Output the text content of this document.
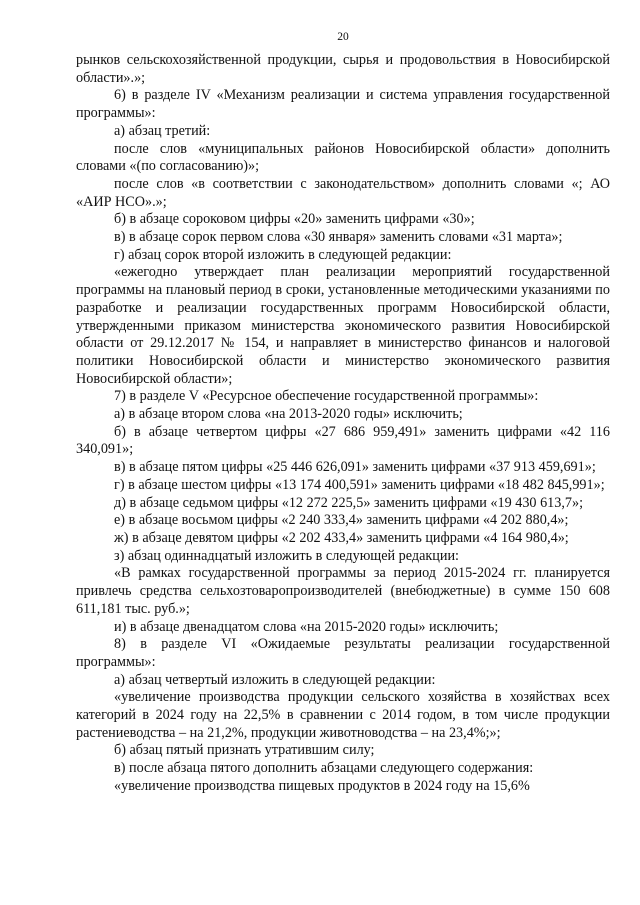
20

рынков сельскохозяйственной продукции, сырья и продовольствия в Новосибирской области».»;

6) в разделе IV «Механизм реализации и система управления государственной программы»:

а) абзац третий:

после слов «муниципальных районов Новосибирской области» дополнить словами «(по согласованию)»;

после слов «в соответствии с законодательством» дополнить словами «; АО «АИР НСО».»;

б) в абзаце сороковом цифры «20» заменить цифрами «30»;

в) в абзаце сорок первом слова «30 января» заменить словами «31 марта»;

г) абзац сорок второй изложить в следующей редакции:

«ежегодно утверждает план реализации мероприятий государственной программы на плановый период в сроки, установленные методическими указаниями по разработке и реализации государственных программ Новосибирской области, утвержденными приказом министерства экономического развития Новосибирской области от 29.12.2017 № 154, и направляет в министерство финансов и налоговой политики Новосибирской области и министерство экономического развития Новосибирской области»;

7) в разделе V «Ресурсное обеспечение государственной программы»:

а) в абзаце втором слова «на 2013-2020 годы» исключить;

б) в абзаце четвертом цифры «27 686 959,491» заменить цифрами «42 116 340,091»;

в) в абзаце пятом цифры «25 446 626,091» заменить цифрами «37 913 459,691»;

г) в абзаце шестом цифры «13 174 400,591» заменить цифрами «18 482 845,991»;

д) в абзаце седьмом цифры «12 272 225,5» заменить цифрами «19 430 613,7»;

е) в абзаце восьмом цифры «2 240 333,4» заменить цифрами «4 202 880,4»;

ж) в абзаце девятом цифры «2 202 433,4» заменить цифрами «4 164 980,4»;

з) абзац одиннадцатый изложить в следующей редакции:

«В рамках государственной программы за период 2015-2024 гг. планируется привлечь средства сельхозтоваропроизводителей (внебюджетные) в сумме 150 608 611,181 тыс. руб.»;

и) в абзаце двенадцатом слова «на 2015-2020 годы» исключить;

8) в разделе VI «Ожидаемые результаты реализации государственной программы»:

а) абзац четвертый изложить в следующей редакции:

«увеличение производства продукции сельского хозяйства в хозяйствах всех категорий в 2024 году на 22,5% в сравнении с 2014 годом, в том числе продукции растениеводства – на 21,2%, продукции животноводства – на 23,4%;»;

б) абзац пятый признать утратившим силу;

в) после абзаца пятого дополнить абзацами следующего содержания:

«увеличение производства пищевых продуктов в 2024 году на 15,6%
